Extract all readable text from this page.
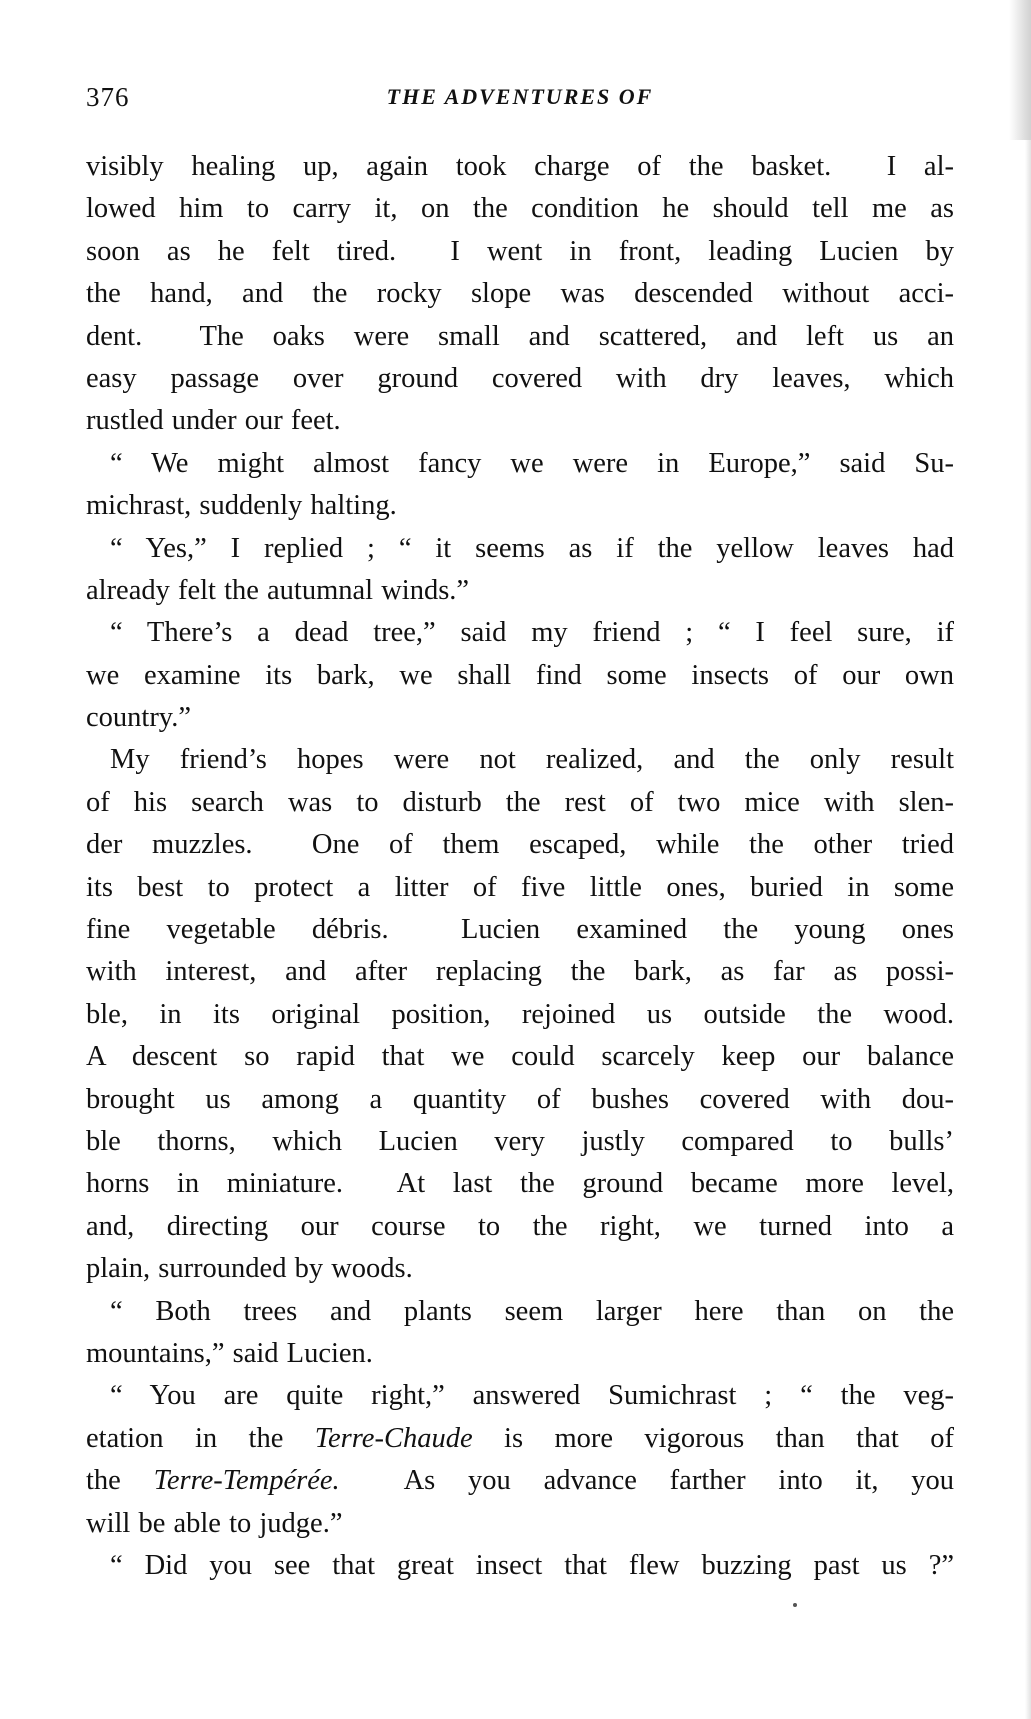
376	THE ADVENTURES OF
visibly healing up, again took charge of the basket.  I al-
lowed him to carry it, on the condition he should tell me as
soon as he felt tired.  I went in front, leading Lucien by
the hand, and the rocky slope was descended without acci-
dent.  The oaks were small and scattered, and left us an
easy passage over ground covered with dry leaves, which
rustled under our feet.
“ We might almost fancy we were in Europe,” said Su-
michrast, suddenly halting.
“ Yes,” I replied ; “ it seems as if the yellow leaves had
already felt the autumnal winds.”
“ There’s a dead tree,” said my friend ; “ I feel sure, if
we examine its bark, we shall find some insects of our own
country.”
My friend’s hopes were not realized, and the only result
of his search was to disturb the rest of two mice with slen-
der muzzles.  One of them escaped, while the other tried
its best to protect a litter of five little ones, buried in some
fine vegetable débris.  Lucien examined the young ones
with interest, and after replacing the bark, as far as possi-
ble, in its original position, rejoined us outside the wood.
A descent so rapid that we could scarcely keep our balance
brought us among a quantity of bushes covered with dou-
ble thorns, which Lucien very justly compared to bulls’
horns in miniature.  At last the ground became more level,
and, directing our course to the right, we turned into a
plain, surrounded by woods.
“ Both trees and plants seem larger here than on the
mountains,” said Lucien.
“ You are quite right,” answered Sumichrast ; “ the veg-
etation in the Terre-Chaude is more vigorous than that of
the Terre-Tempérée.  As you advance farther into it, you
will be able to judge.”
“ Did you see that great insect that flew buzzing past us ?”
